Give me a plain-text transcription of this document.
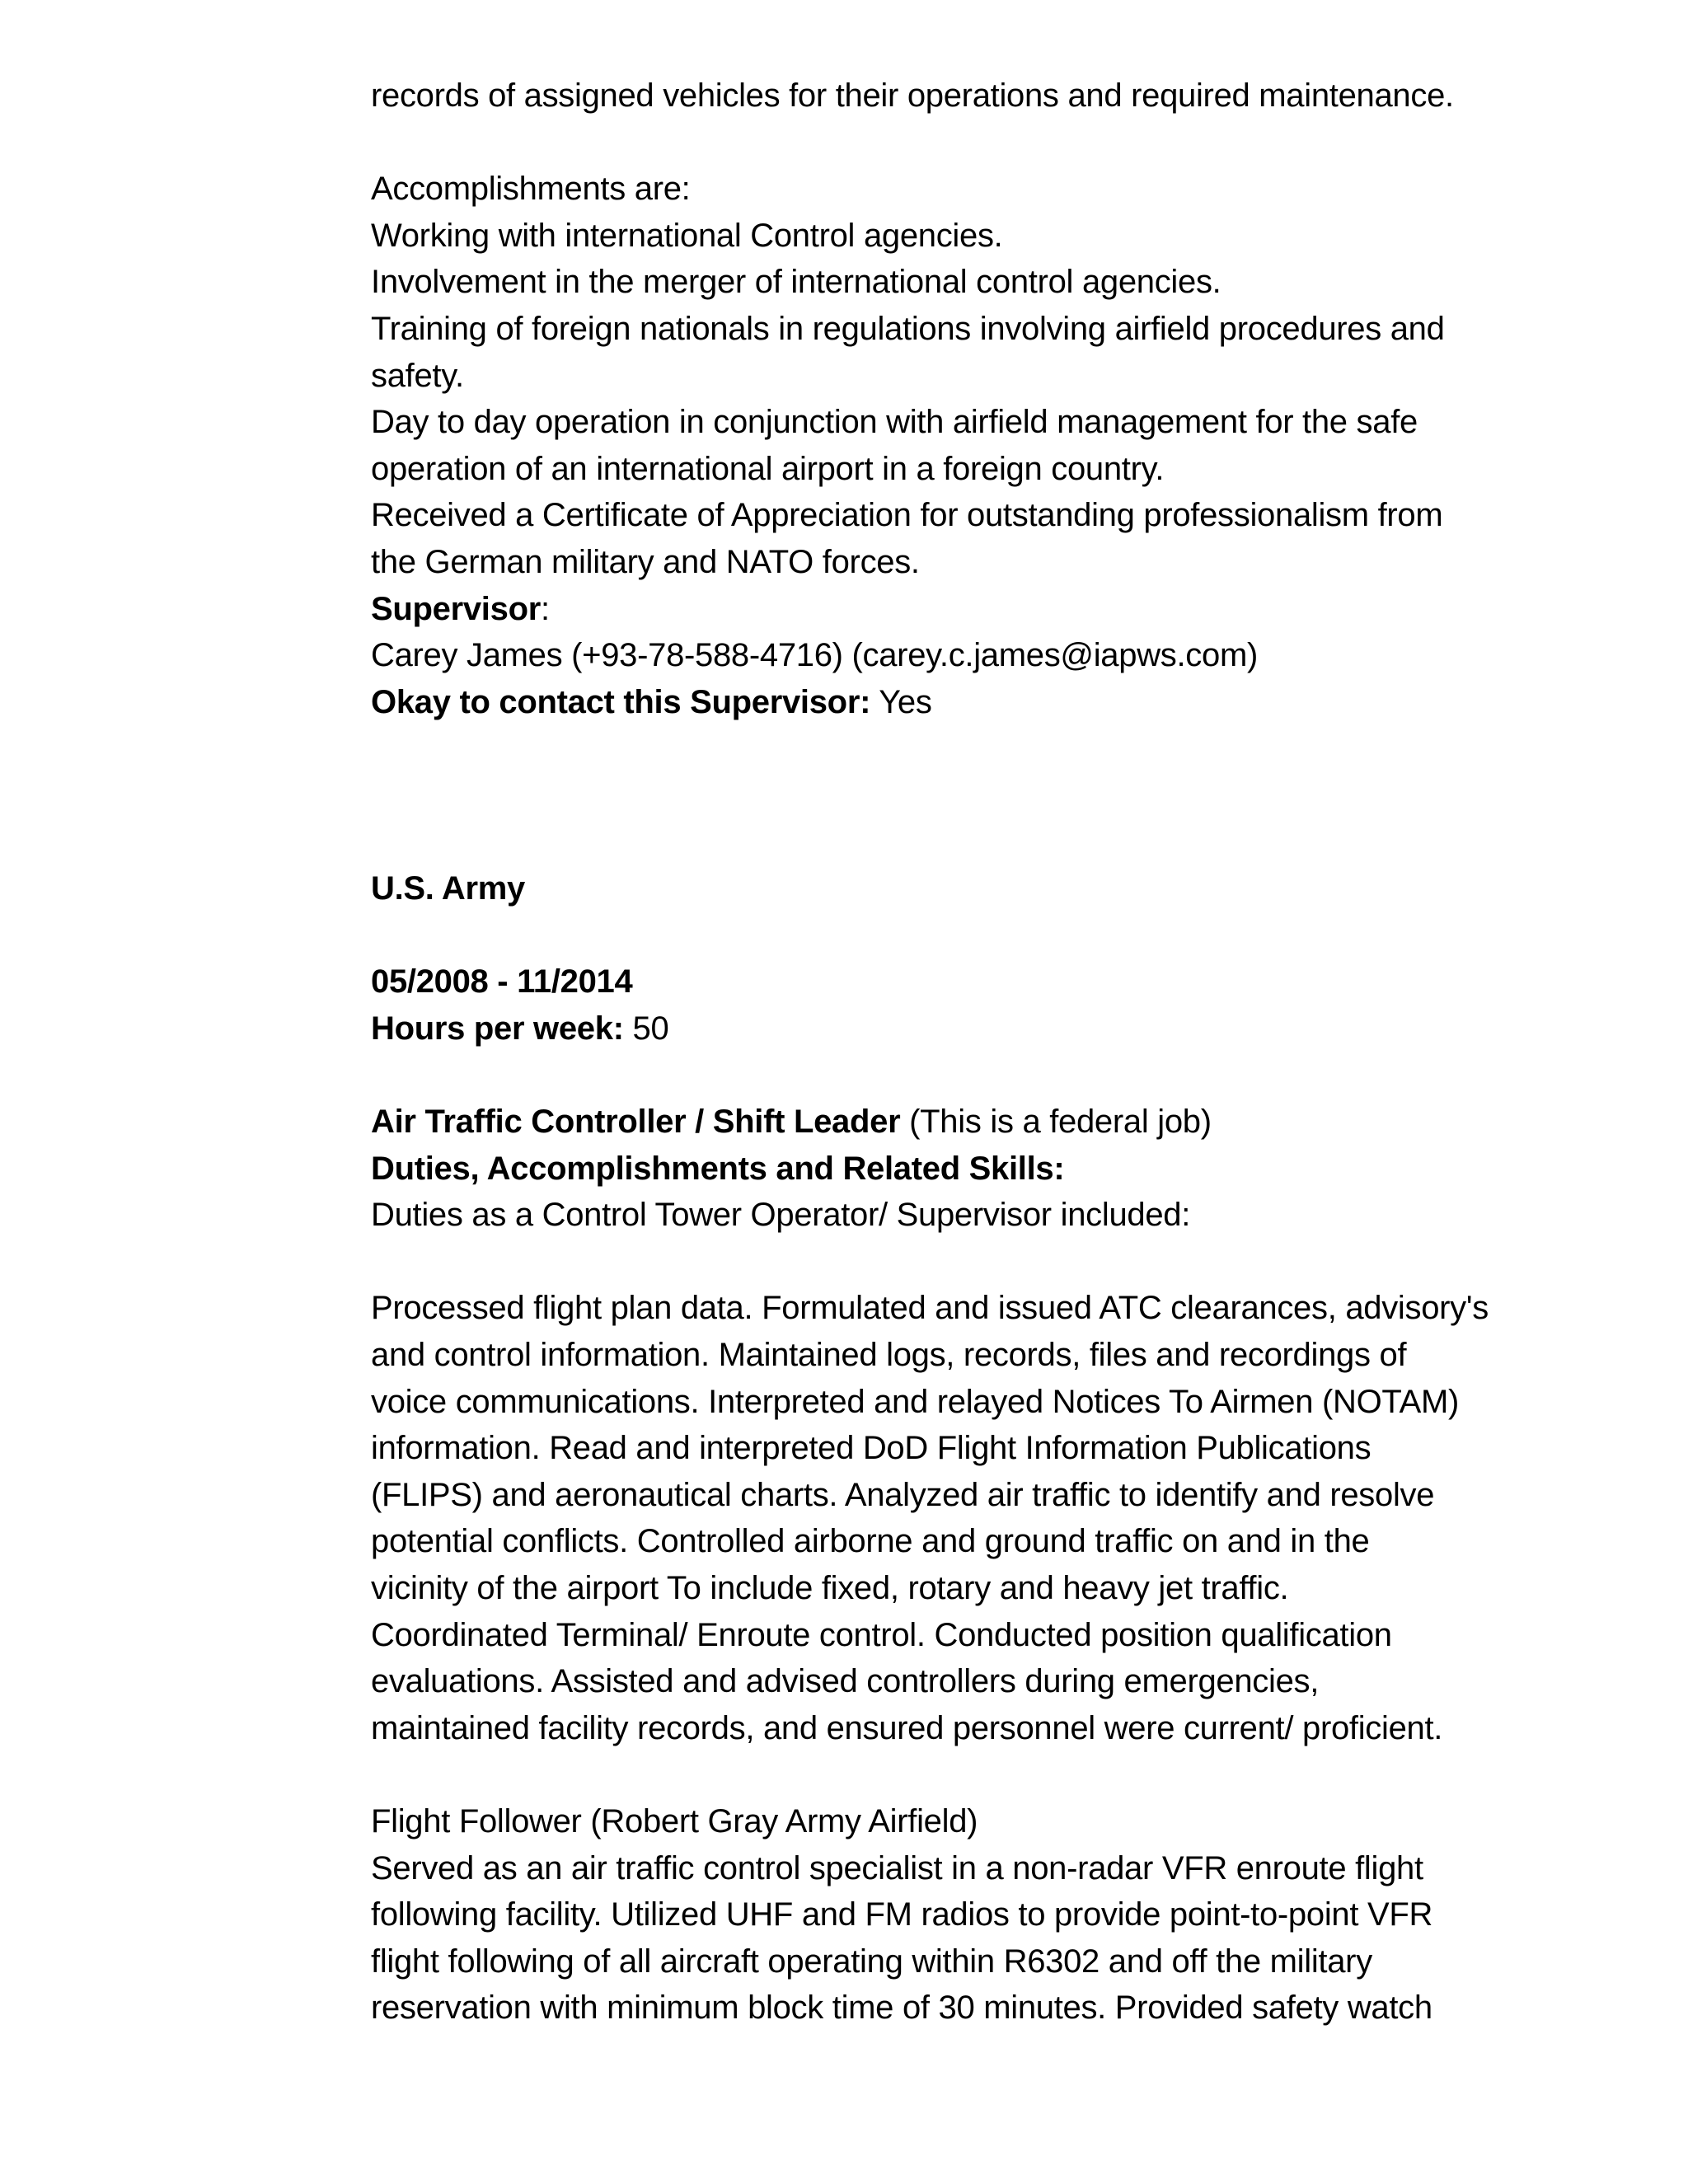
records of assigned vehicles for their operations and required maintenance.
Accomplishments are:
Working with international Control agencies.
Involvement in the merger of international control agencies.
Training of foreign nationals in regulations involving airfield procedures and
safety.
Day to day operation in conjunction with airfield management for the safe
operation of an international airport in a foreign country.
Received a Certificate of Appreciation for outstanding professionalism from
the German military and NATO forces.
Supervisor:
Carey James (+93-78-588-4716) (carey.c.james@iapws.com)
Okay to contact this Supervisor: Yes
U.S. Army
05/2008 - 11/2014
Hours per week: 50
Air Traffic Controller / Shift Leader (This is a federal job)
Duties, Accomplishments and Related Skills:
Duties as a Control Tower Operator/ Supervisor included:
Processed flight plan data. Formulated and issued ATC clearances, advisory's
and control information. Maintained logs, records, files and recordings of
voice communications. Interpreted and relayed Notices To Airmen (NOTAM)
information. Read and interpreted DoD Flight Information Publications
(FLIPS) and aeronautical charts. Analyzed air traffic to identify and resolve
potential conflicts. Controlled airborne and ground traffic on and in the
vicinity of the airport To include fixed, rotary and heavy jet traffic.
Coordinated Terminal/ Enroute control. Conducted position qualification
evaluations. Assisted and advised controllers during emergencies,
maintained facility records, and ensured personnel were current/ proficient.
Flight Follower (Robert Gray Army Airfield)
Served as an air traffic control specialist in a non-radar VFR enroute flight
following facility. Utilized UHF and FM radios to provide point-to-point VFR
flight following of all aircraft operating within R6302 and off the military
reservation with minimum block time of 30 minutes. Provided safety watch
